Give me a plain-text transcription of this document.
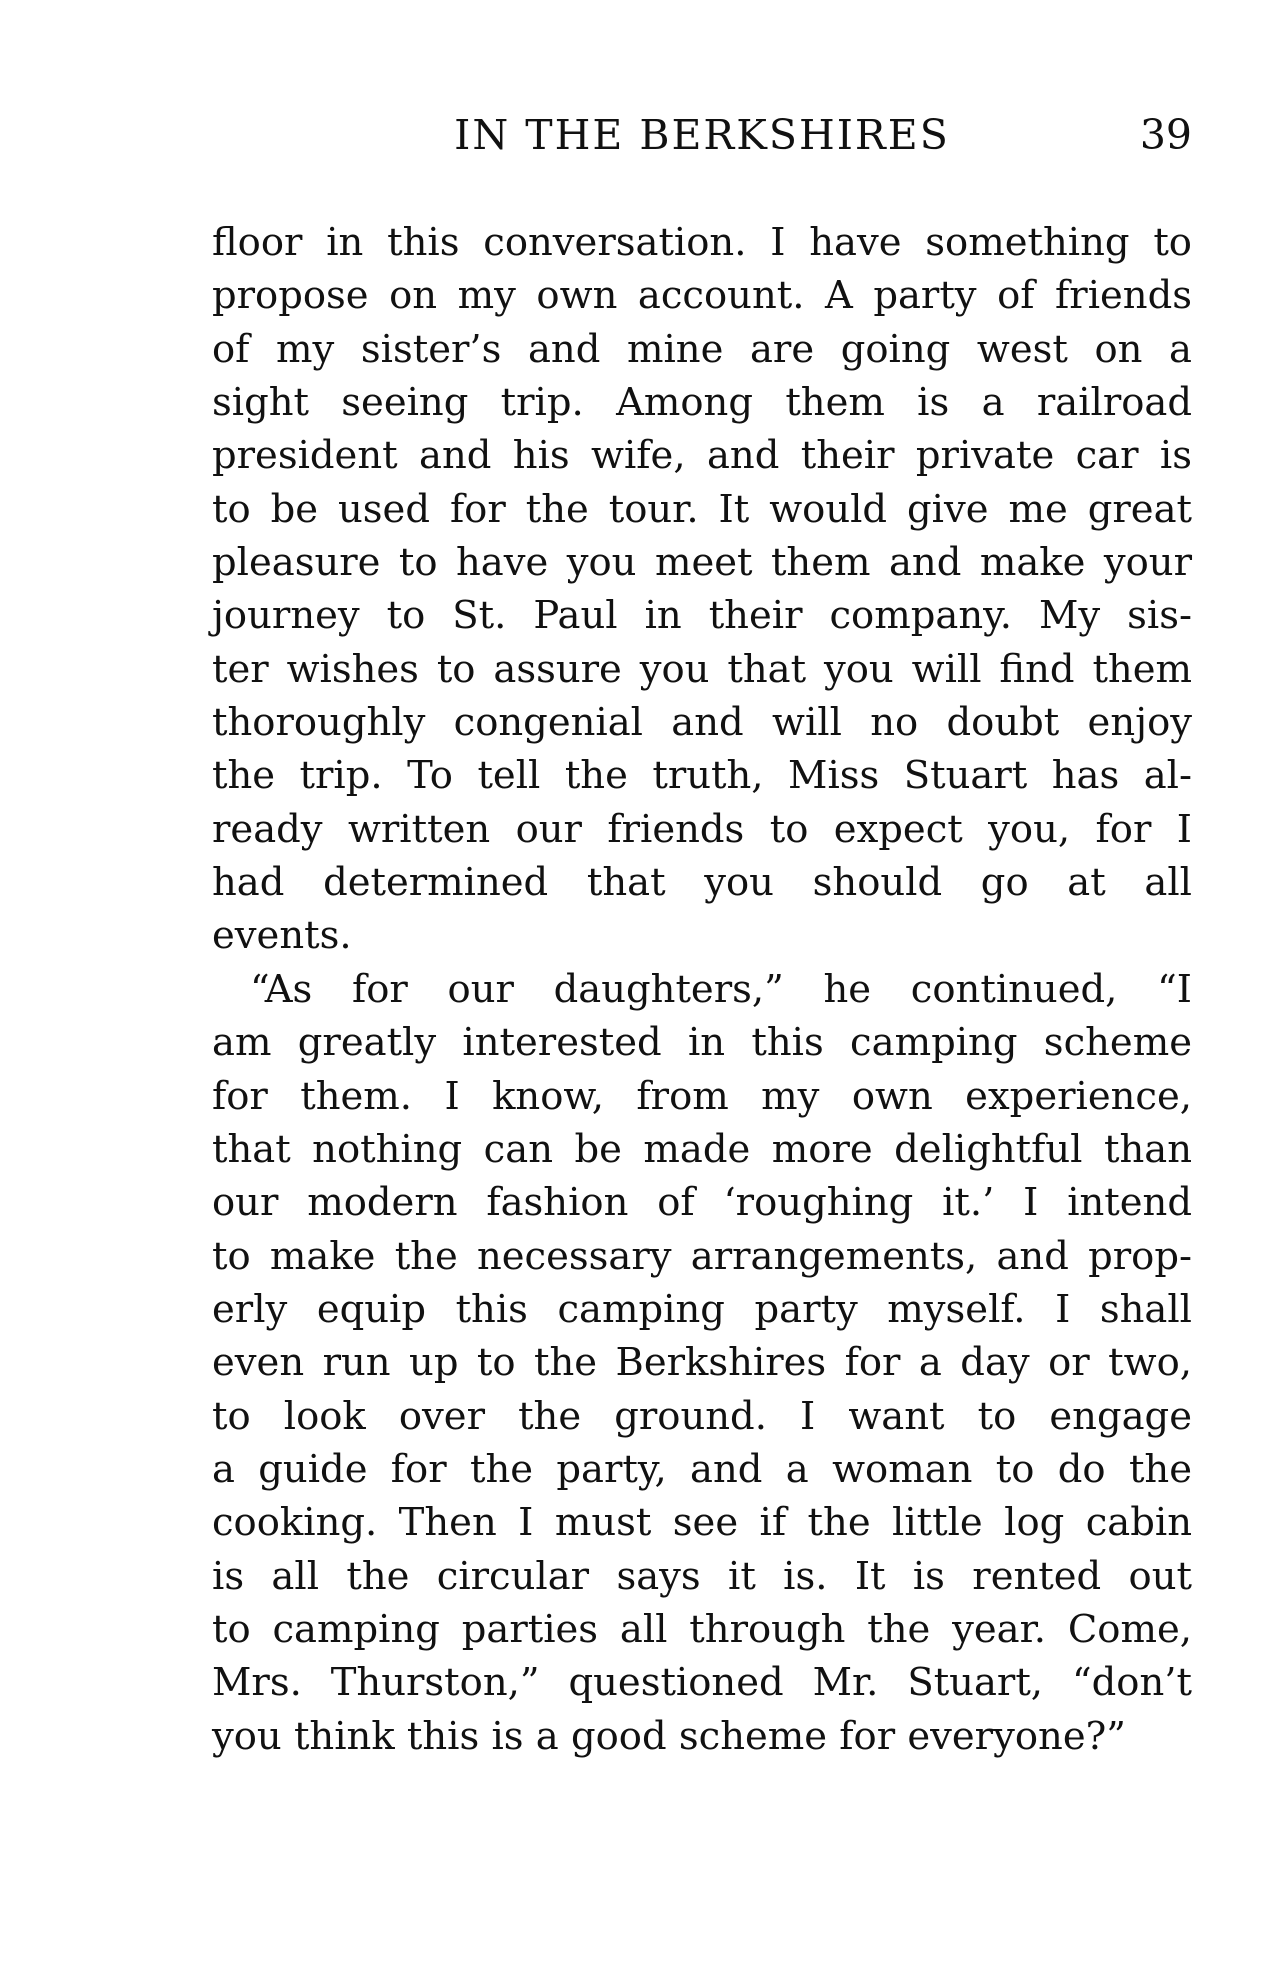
IN THE BERKSHIRES	39
floor in this conversation. I have something to
propose on my own account. A party of friends
of my sister’s and mine are going west on a
sight seeing trip. Among them is a railroad
president and his wife, and their private car is
to be used for the tour. It would give me great
pleasure to have you meet them and make your
journey to St. Paul in their company. My sis-
ter wishes to assure you that you will find them
thoroughly congenial and will no doubt enjoy
the trip. To tell the truth, Miss Stuart has al-
ready written our friends to expect you, for I
had determined that you should go at all
events.
“As for our daughters,” he continued, “I
am greatly interested in this camping scheme
for them. I know, from my own experience,
that nothing can be made more delightful than
our modern fashion of ‘roughing it.’ I intend
to make the necessary arrangements, and prop-
erly equip this camping party myself. I shall
even run up to the Berkshires for a day or two,
to look over the ground. I want to engage
a guide for the party, and a woman to do the
cooking. Then I must see if the little log cabin
is all the circular says it is. It is rented out
to camping parties all through the year. Come,
Mrs. Thurston,” questioned Mr. Stuart, “don’t
you think this is a good scheme for everyone?”
